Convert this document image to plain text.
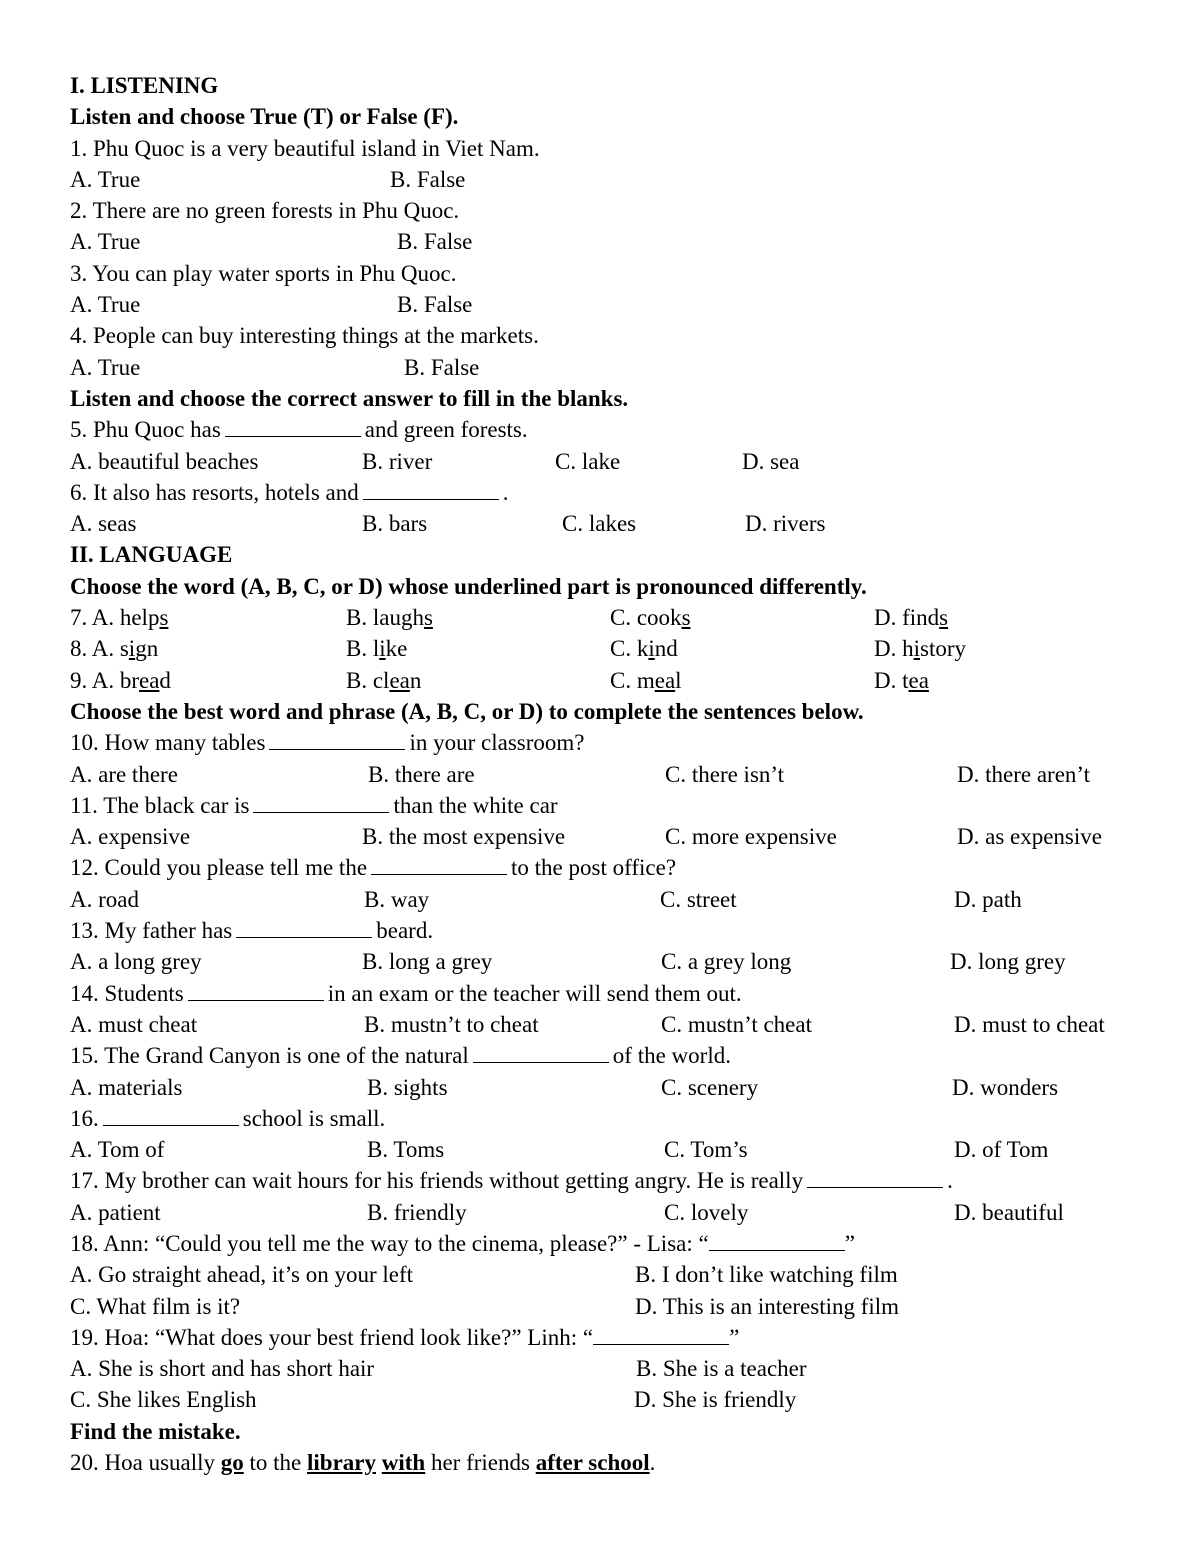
I. LISTENING
Listen and choose True (T) or False (F).
1. Phu Quoc is a very beautiful island in Viet Nam.
A. True	B. False
2. There are no green forests in Phu Quoc.
A. True	B. False
3. You can play water sports in Phu Quoc.
A. True	B. False
4. People can buy interesting things at the markets.
A. True	B. False
Listen and choose the correct answer to fill in the blanks.
5. Phu Quoc has	and green forests.
A. beautiful beaches	B. river	C. lake	D. sea
6. It also has resorts, hotels and	.
A. seas	B. bars	C. lakes	D. rivers
II. LANGUAGE
Choose the word (A, B, C, or D) whose underlined part is pronounced differently.
7. A. helps	B. laughs	C. cooks	D. finds
8. A. sign	B. like	C. kind	D. history
9. A. bread	B. clean	C. meal	D. tea
Choose the best word and phrase (A, B, C, or D) to complete the sentences below.
10. How many tables	in your classroom?
A. are there	B. there are	C. there isn’t	D. there aren’t
11. The black car is	than the white car
A. expensive	B. the most expensive	C. more expensive	D. as expensive
12. Could you please tell me the	to the post office?
A. road	B. way	C. street	D. path
13. My father has	beard.
A. a long grey	B. long a grey	C. a grey long	D. long grey
14. Students	in an exam or the teacher will send them out.
A. must cheat	B. mustn’t to cheat	C. mustn’t cheat	D. must to cheat
15. The Grand Canyon is one of the natural	of the world.
A. materials	B. sights	C. scenery	D. wonders
16.	school is small.
A. Tom of	B. Toms	C. Tom’s	D. of Tom
17. My brother can wait hours for his friends without getting angry. He is really	.
A. patient	B. friendly	C. lovely	D. beautiful
18. Ann: “Could you tell me the way to the cinema, please?” - Lisa: “	”
A. Go straight ahead, it’s on your left	B. I don’t like watching film
C. What film is it?	D. This is an interesting film
19. Hoa: “What does your best friend look like?” Linh: “	”
A. She is short and has short hair	B. She is a teacher
C. She likes English	D. She is friendly
Find the mistake.
20. Hoa usually go to the library with her friends after school.
